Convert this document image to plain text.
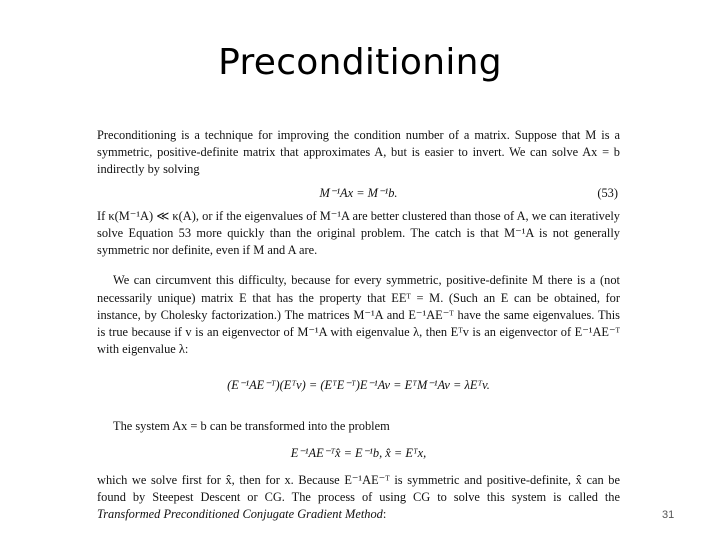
Preconditioning

Preconditioning is a technique for improving the condition number of a matrix. Suppose that M is a symmetric, positive-definite matrix that approximates A, but is easier to invert. We can solve Ax = b indirectly by solving

M⁻¹Ax = M⁻¹b.	(53)

If κ(M⁻¹A) ≪ κ(A), or if the eigenvalues of M⁻¹A are better clustered than those of A, we can iteratively solve Equation 53 more quickly than the original problem. The catch is that M⁻¹A is not generally symmetric nor definite, even if M and A are.

We can circumvent this difficulty, because for every symmetric, positive-definite M there is a (not necessarily unique) matrix E that has the property that EEᵀ = M. (Such an E can be obtained, for instance, by Cholesky factorization.) The matrices M⁻¹A and E⁻¹AE⁻ᵀ have the same eigenvalues. This is true because if v is an eigenvector of M⁻¹A with eigenvalue λ, then Eᵀv is an eigenvector of E⁻¹AE⁻ᵀ with eigenvalue λ:

(E⁻¹AE⁻ᵀ)(Eᵀv) = (EᵀE⁻ᵀ)E⁻¹Av = EᵀM⁻¹Av = λEᵀv.

The system Ax = b can be transformed into the problem

E⁻¹AE⁻ᵀx̂ = E⁻¹b, x̂ = Eᵀx,

which we solve first for x̂, then for x. Because E⁻¹AE⁻ᵀ is symmetric and positive-definite, x̂ can be found by Steepest Descent or CG. The process of using CG to solve this system is called the Transformed Preconditioned Conjugate Gradient Method:	31
